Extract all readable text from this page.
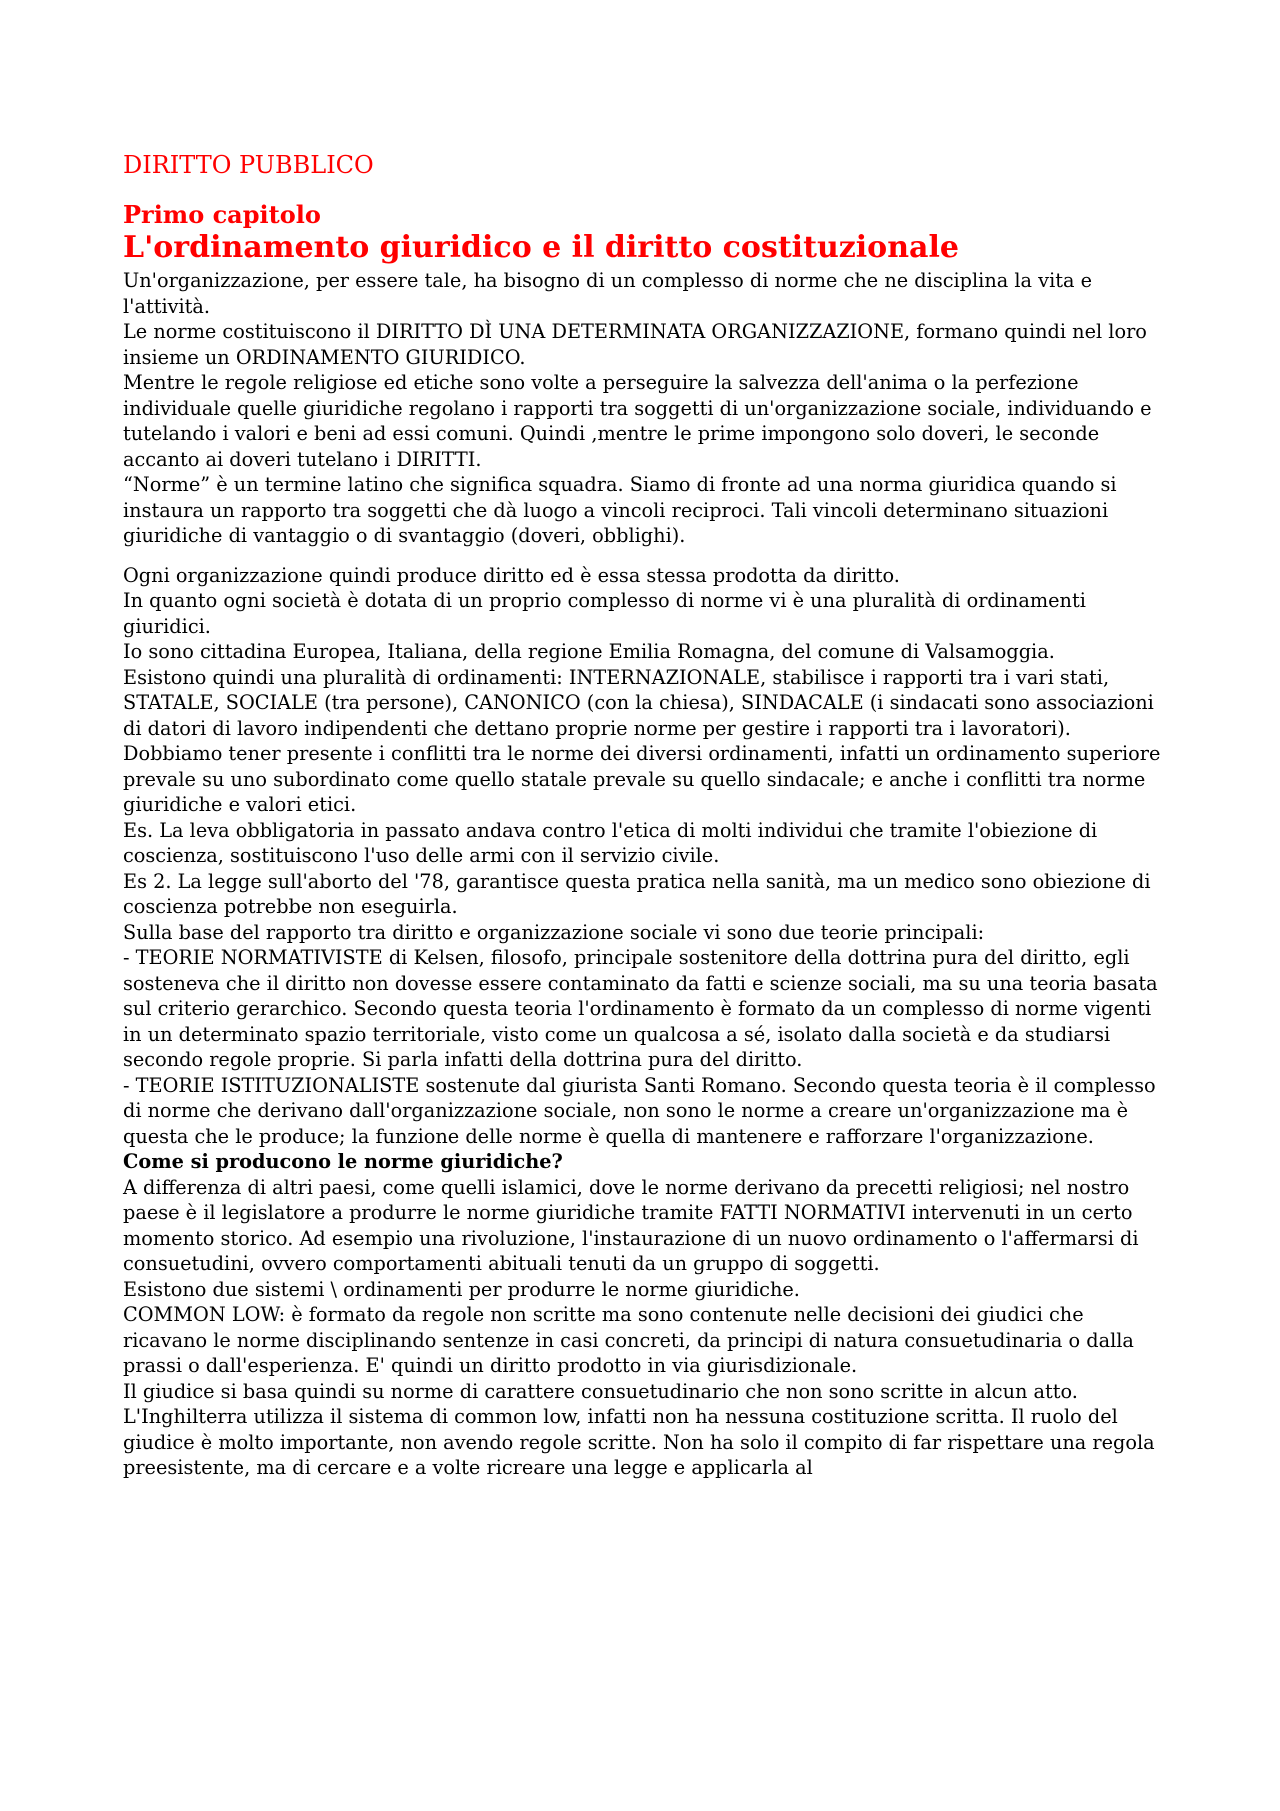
DIRITTO PUBBLICO
Primo capitolo
L'ordinamento giuridico e il diritto costituzionale

Un'organizzazione, per essere tale, ha bisogno di un complesso di norme che ne disciplina la vita e l'attività.

Le norme costituiscono il DIRITTO DÌ UNA DETERMINATA ORGANIZZAZIONE, formano quindi nel loro insieme un ORDINAMENTO GIURIDICO.

Mentre le regole religiose ed etiche sono volte a perseguire la salvezza dell'anima o la perfezione individuale quelle giuridiche regolano i rapporti tra soggetti di un'organizzazione sociale, individuando e tutelando i valori e beni ad essi comuni. Quindi ,mentre le prime impongono solo doveri, le seconde accanto ai doveri tutelano i DIRITTI.

“Norme” è un termine latino che significa squadra. Siamo di fronte ad una norma giuridica quando si instaura un rapporto tra soggetti che dà luogo a vincoli reciproci. Tali vincoli determinano situazioni giuridiche di vantaggio o di svantaggio (doveri, obblighi).

Ogni organizzazione quindi produce diritto ed è essa stessa prodotta da diritto.

In quanto ogni società è dotata di un proprio complesso di norme vi è una pluralità di ordinamenti giuridici.

Io sono cittadina Europea, Italiana, della regione Emilia Romagna, del comune di Valsamoggia.

Esistono quindi una pluralità di ordinamenti: INTERNAZIONALE, stabilisce i rapporti tra i vari stati, STATALE, SOCIALE (tra persone), CANONICO (con la chiesa), SINDACALE (i sindacati sono associazioni di datori di lavoro indipendenti che dettano proprie norme per gestire i rapporti tra i lavoratori).

Dobbiamo tener presente i conflitti tra le norme dei diversi ordinamenti, infatti un ordinamento superiore prevale su uno subordinato come quello statale prevale su quello sindacale; e anche i conflitti tra norme giuridiche e valori etici.

Es. La leva obbligatoria in passato andava contro l'etica di molti individui che tramite l'obiezione di coscienza, sostituiscono l'uso delle armi con il servizio civile.

Es 2. La legge sull'aborto del '78, garantisce questa pratica nella sanità, ma un medico sono obiezione di coscienza potrebbe non eseguirla.

Sulla base del rapporto tra diritto e organizzazione sociale vi sono due teorie principali:

- TEORIE NORMATIVISTE di Kelsen, filosofo, principale sostenitore della dottrina pura del diritto, egli sosteneva che il diritto non dovesse essere contaminato da fatti e scienze sociali, ma su una teoria basata sul criterio gerarchico. Secondo questa teoria l'ordinamento è formato da un complesso di norme vigenti in un determinato spazio territoriale, visto come un qualcosa a sé, isolato dalla società e da studiarsi secondo regole proprie. Si parla infatti della dottrina pura del diritto.

- TEORIE ISTITUZIONALISTE sostenute dal giurista Santi Romano. Secondo questa teoria è il complesso di norme che derivano dall'organizzazione sociale, non sono le norme a creare un'organizzazione ma è questa che le produce; la funzione delle norme è quella di mantenere e rafforzare l'organizzazione.

Come si producono le norme giuridiche?

A differenza di altri paesi, come quelli islamici, dove le norme derivano da precetti religiosi; nel nostro paese è il legislatore a produrre le norme giuridiche tramite FATTI NORMATIVI intervenuti in un certo momento storico. Ad esempio una rivoluzione, l'instaurazione di un nuovo ordinamento o l'affermarsi di consuetudini, ovvero comportamenti abituali tenuti da un gruppo di soggetti.

Esistono due sistemi \ ordinamenti per produrre le norme giuridiche.

COMMON LOW: è formato da regole non scritte ma sono contenute nelle decisioni dei giudici che ricavano le norme disciplinando sentenze in casi concreti, da principi di natura consuetudinaria o dalla prassi o dall'esperienza. E' quindi un diritto prodotto in via giurisdizionale.

Il giudice si basa quindi su norme di carattere consuetudinario che non sono scritte in alcun atto.

L'Inghilterra utilizza il sistema di common low, infatti non ha nessuna costituzione scritta. Il ruolo del giudice è molto importante, non avendo regole scritte. Non ha solo il compito di far rispettare una regola preesistente, ma di cercare e a volte ricreare una legge e applicarla al
